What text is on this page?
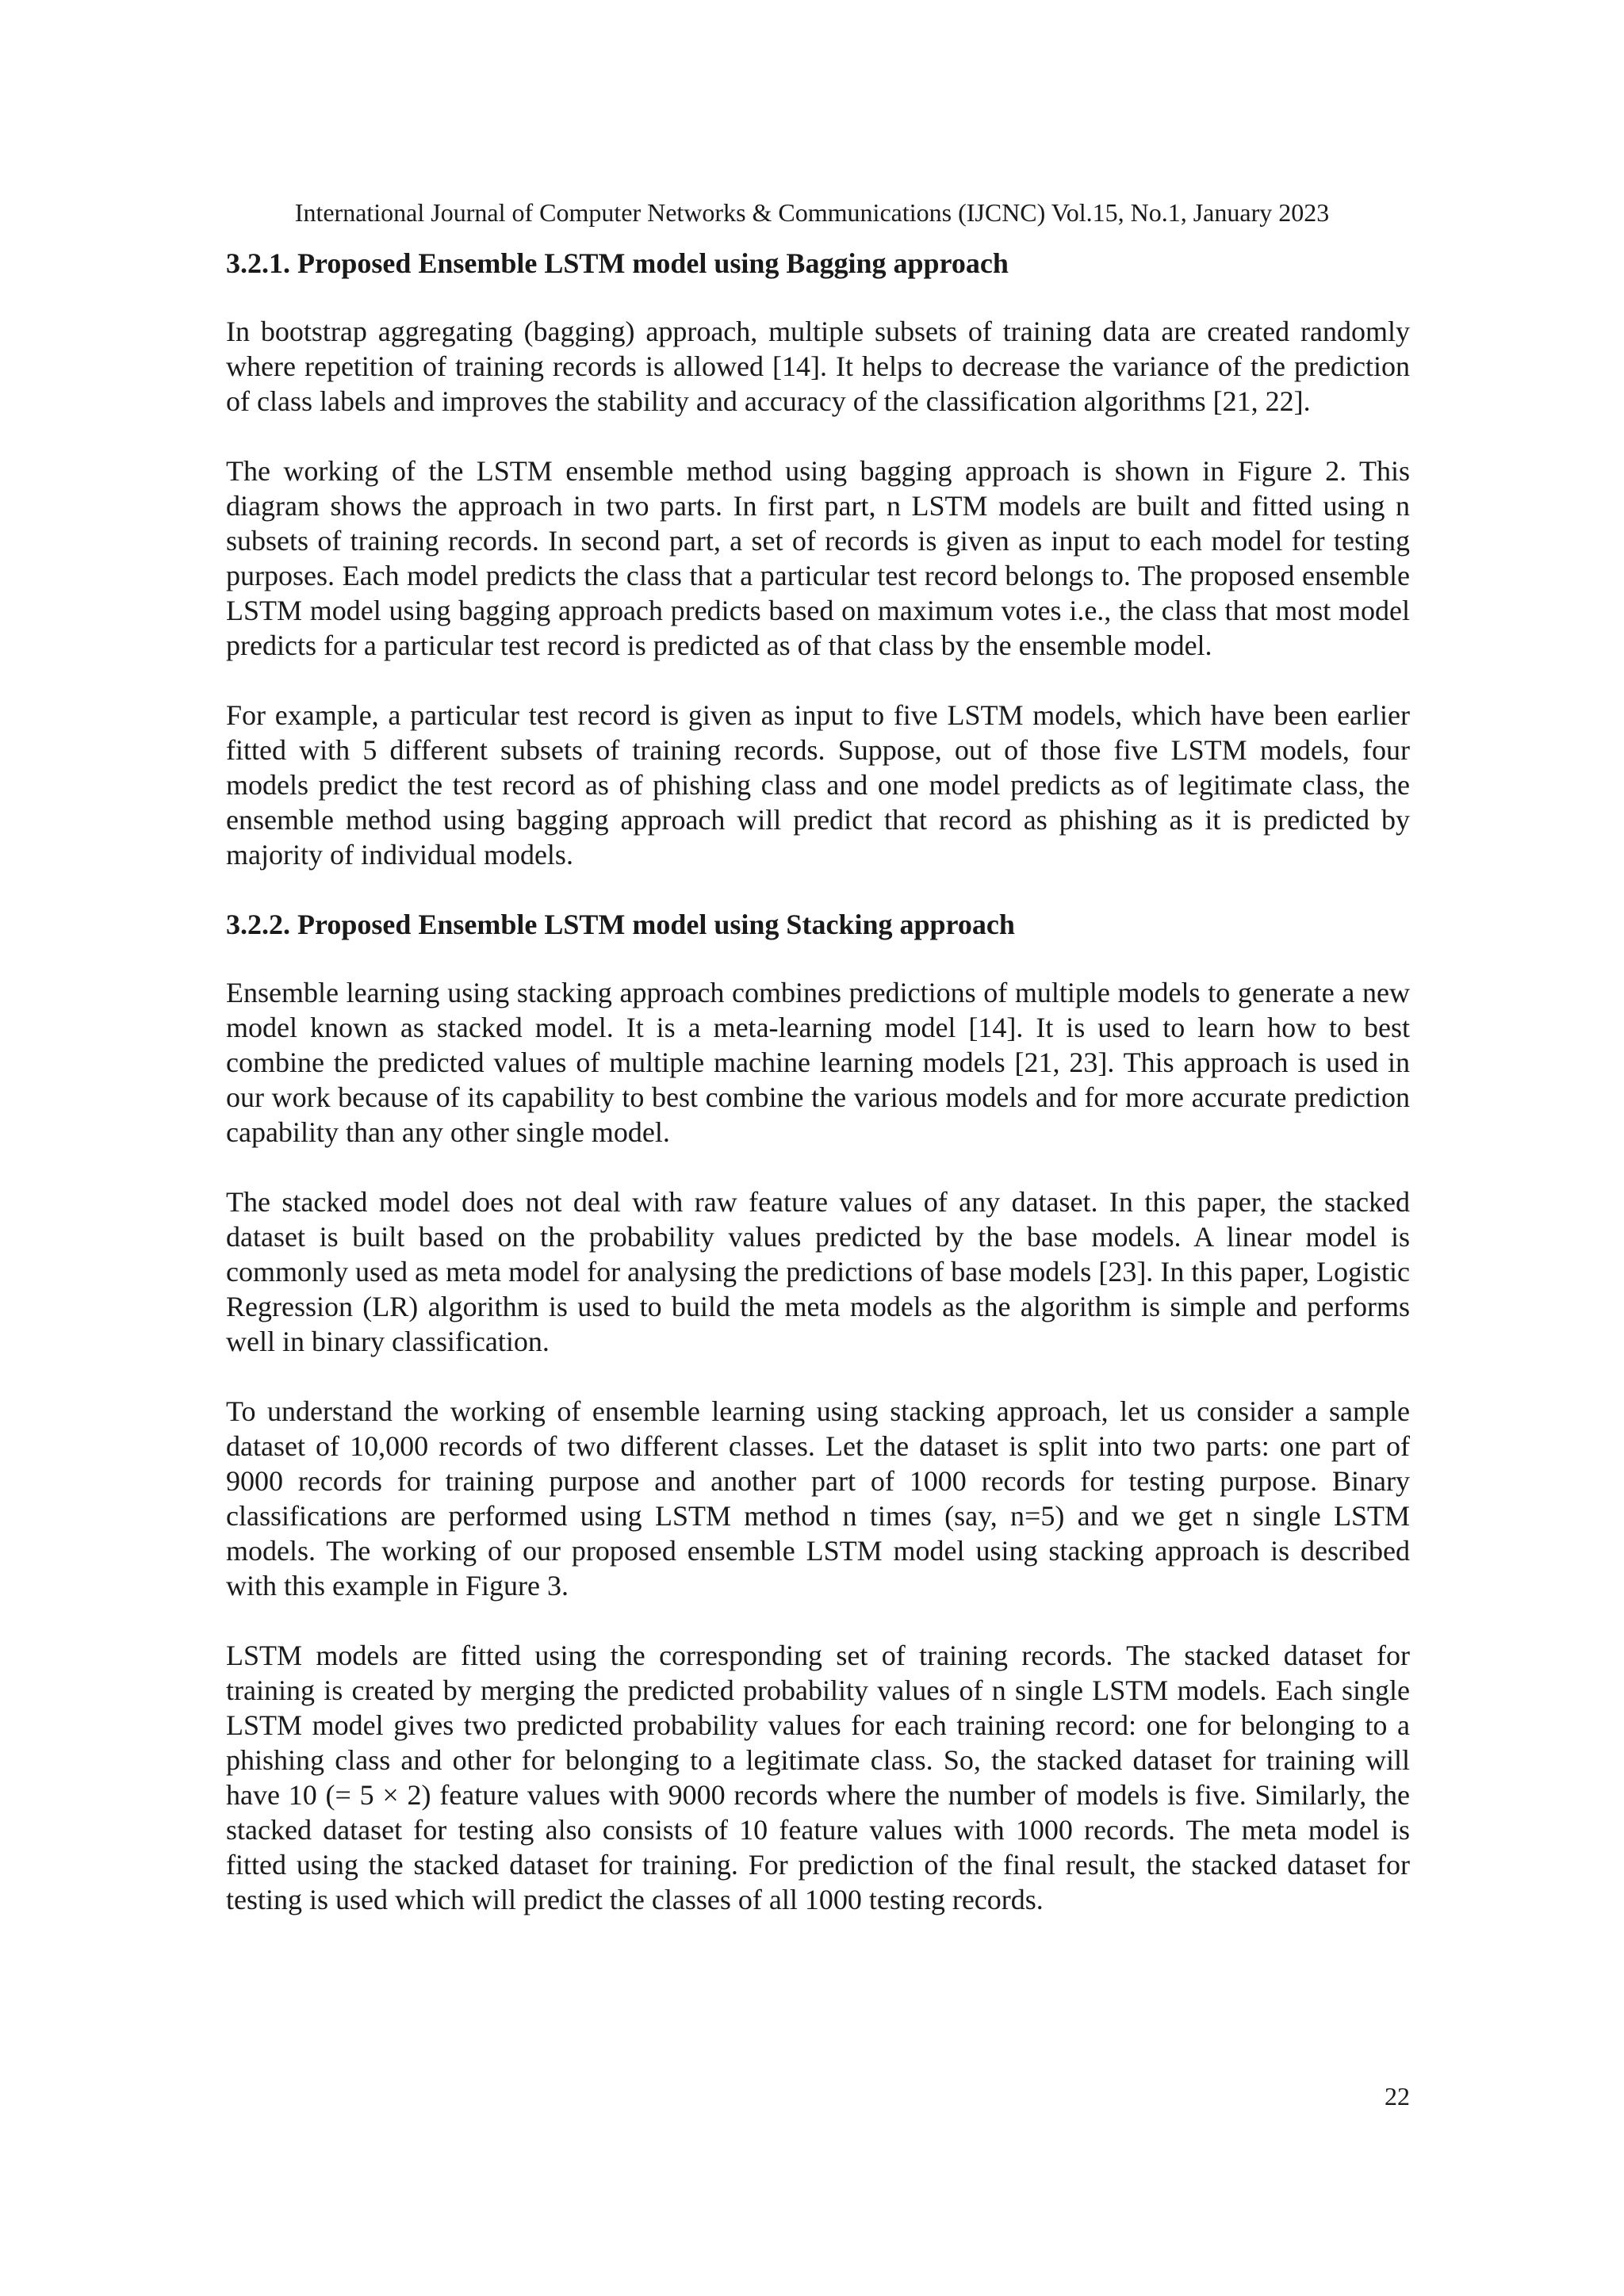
International Journal of Computer Networks & Communications (IJCNC) Vol.15, No.1, January 2023
3.2.1. Proposed Ensemble LSTM model using Bagging approach

In bootstrap aggregating (bagging) approach, multiple subsets of training data are created randomly where repetition of training records is allowed [14]. It helps to decrease the variance of the prediction of class labels and improves the stability and accuracy of the classification algorithms [21, 22].

The working of the LSTM ensemble method using bagging approach is shown in Figure 2. This diagram shows the approach in two parts. In first part, n LSTM models are built and fitted using n subsets of training records. In second part, a set of records is given as input to each model for testing purposes. Each model predicts the class that a particular test record belongs to. The proposed ensemble LSTM model using bagging approach predicts based on maximum votes i.e., the class that most model predicts for a particular test record is predicted as of that class by the ensemble model.

For example, a particular test record is given as input to five LSTM models, which have been earlier fitted with 5 different subsets of training records. Suppose, out of those five LSTM models, four models predict the test record as of phishing class and one model predicts as of legitimate class, the ensemble method using bagging approach will predict that record as phishing as it is predicted by majority of individual models.

3.2.2. Proposed Ensemble LSTM model using Stacking approach

Ensemble learning using stacking approach combines predictions of multiple models to generate a new model known as stacked model. It is a meta-learning model [14]. It is used to learn how to best combine the predicted values of multiple machine learning models [21, 23]. This approach is used in our work because of its capability to best combine the various models and for more accurate prediction capability than any other single model.

The stacked model does not deal with raw feature values of any dataset. In this paper, the stacked dataset is built based on the probability values predicted by the base models. A linear model is commonly used as meta model for analysing the predictions of base models [23]. In this paper, Logistic Regression (LR) algorithm is used to build the meta models as the algorithm is simple and performs well in binary classification.

To understand the working of ensemble learning using stacking approach, let us consider a sample dataset of 10,000 records of two different classes. Let the dataset is split into two parts: one part of 9000 records for training purpose and another part of 1000 records for testing purpose. Binary classifications are performed using LSTM method n times (say, n=5) and we get n single LSTM models. The working of our proposed ensemble LSTM model using stacking approach is described with this example in Figure 3.

LSTM models are fitted using the corresponding set of training records. The stacked dataset for training is created by merging the predicted probability values of n single LSTM models. Each single LSTM model gives two predicted probability values for each training record: one for belonging to a phishing class and other for belonging to a legitimate class. So, the stacked dataset for training will have 10 (= 5 × 2) feature values with 9000 records where the number of models is five. Similarly, the stacked dataset for testing also consists of 10 feature values with 1000 records. The meta model is fitted using the stacked dataset for training. For prediction of the final result, the stacked dataset for testing is used which will predict the classes of all 1000 testing records.

22
